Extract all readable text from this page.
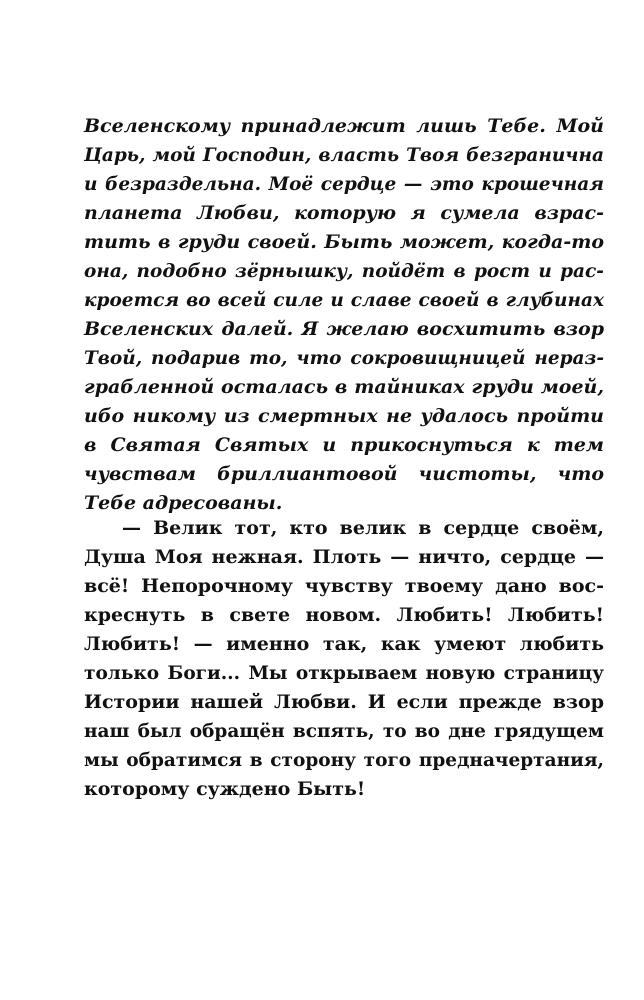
Вселенскому принадлежит лишь Тебе. Мой
Царь, мой Господин, власть Твоя безгранична
и безраздельна. Моё сердце — это крошечная
планета Любви, которую я сумела взрас-
тить в груди своей. Быть может, когда-то
она, подобно зёрнышку, пойдёт в рост и рас-
кроется во всей силе и славе своей в глубинах
Вселенских далей. Я желаю восхитить взор
Твой, подарив то, что сокровищницей нераз-
грабленной осталась в тайниках груди моей,
ибо никому из смертных не удалось пройти
в Святая Святых и прикоснуться к тем
чувствам бриллиантовой чистоты, что
Тебе адресованы.
— Велик тот, кто велик в сердце своём,
Душа Моя нежная. Плоть — ничто, сердце —
всё! Непорочному чувству твоему дано вос-
креснуть в свете новом. Любить! Любить!
Любить! — именно так, как умеют любить
только Боги... Мы открываем новую страницу
Истории нашей Любви. И если прежде взор
наш был обращён вспять, то во дне грядущем
мы обратимся в сторону того предначертания,
которому суждено Быть!
